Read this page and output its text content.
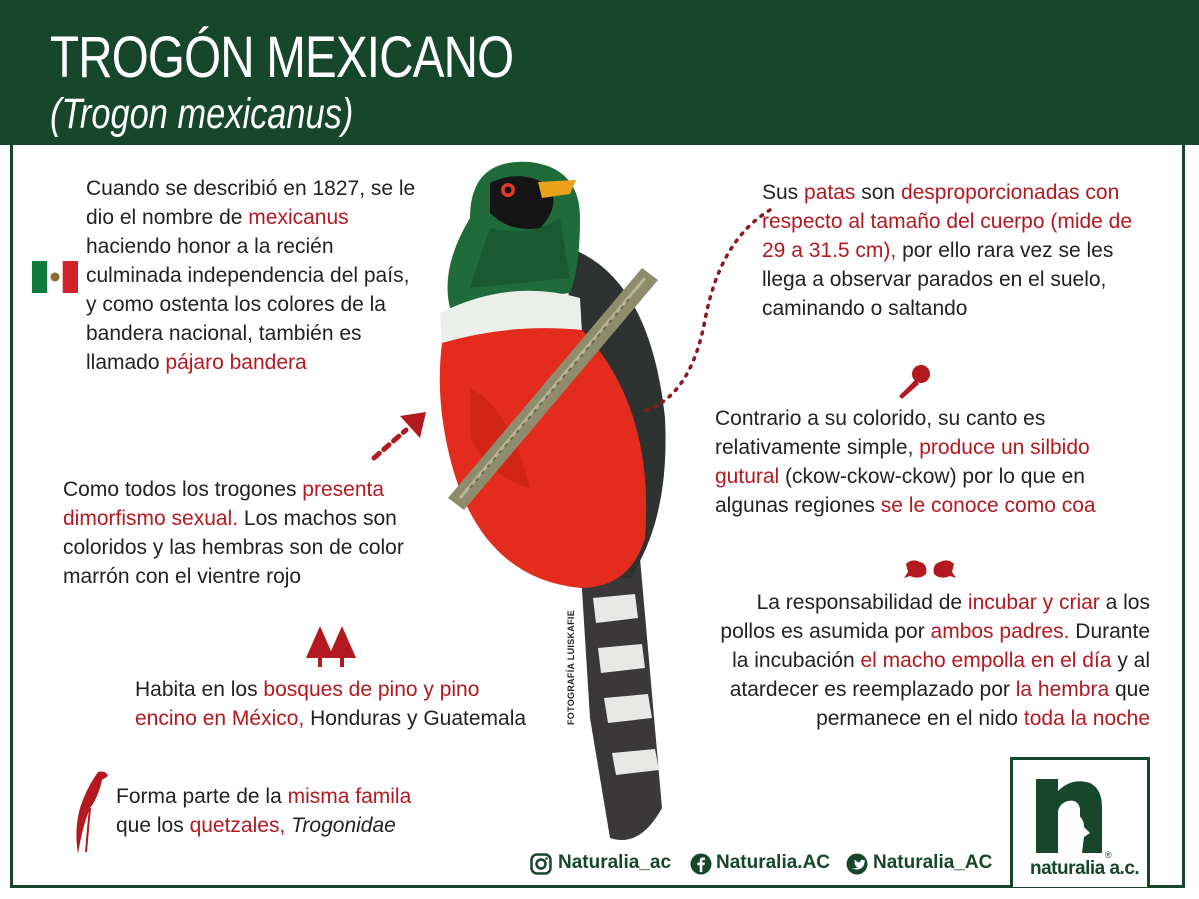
TROGÓN MEXICANO
(Trogon mexicanus)
FOTOGRAFÍA LUISKAFIE
Cuando se describió en 1827, se le
dio el nombre de mexicanus
haciendo honor a la recién
culminada independencia del país,
y como ostenta los colores de la
bandera nacional, también es
llamado pájaro bandera
Como todos los trogones presenta
dimorfismo sexual. Los machos son
coloridos y las hembras son de color
marrón con el vientre rojo
Habita en los bosques de pino y pino
encino en México, Honduras y Guatemala
Forma parte de la misma famila
que los quetzales, Trogonidae
Sus patas son desproporcionadas con
respecto al tamaño del cuerpo (mide de
29 a 31.5 cm), por ello rara vez se les
llega a observar parados en el suelo,
caminando o saltando
Contrario a su colorido, su canto es
relativamente simple, produce un silbido
gutural (ckow-ckow-ckow) por lo que en
algunas regiones se le conoce como coa
La responsabilidad de incubar y criar a los
pollos es asumida por ambos padres. Durante
la incubación el macho empolla en el día y al
atardecer es reemplazado por la hembra que
permanece en el nido toda la noche
Naturalia_ac Naturalia.AC Naturalia_AC	®
naturalia a.c.
